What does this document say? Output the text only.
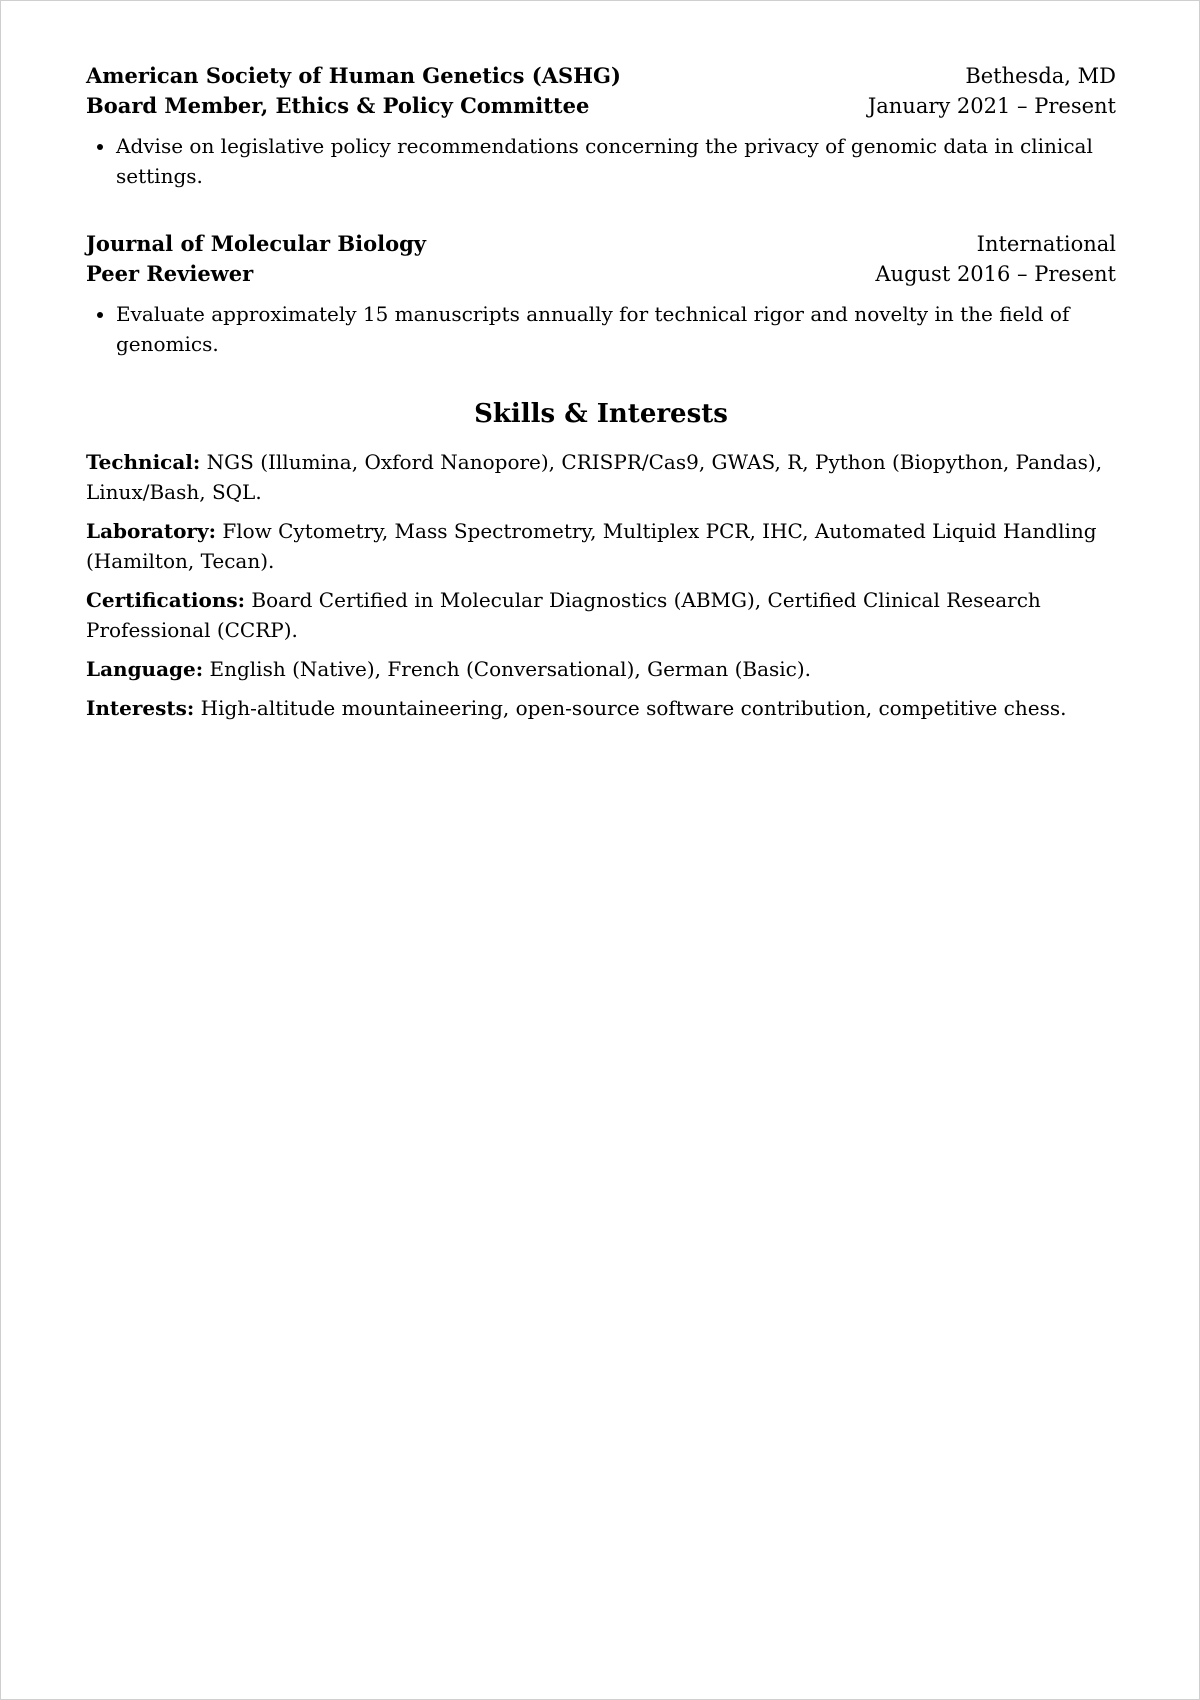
American Society of Human Genetics (ASHG)	Bethesda, MD
Board Member, Ethics & Policy Committee	January 2021 – Present
• Advise on legislative policy recommendations concerning the privacy of genomic data in clinical settings.
Journal of Molecular Biology	International
Peer Reviewer	August 2016 – Present
• Evaluate approximately 15 manuscripts annually for technical rigor and novelty in the field of genomics.
Skills & Interests
Technical: NGS (Illumina, Oxford Nanopore), CRISPR/Cas9, GWAS, R, Python (Biopython, Pandas), Linux/Bash, SQL.
Laboratory: Flow Cytometry, Mass Spectrometry, Multiplex PCR, IHC, Automated Liquid Handling (Hamilton, Tecan).
Certifications: Board Certified in Molecular Diagnostics (ABMG), Certified Clinical Research Professional (CCRP).
Language: English (Native), French (Conversational), German (Basic).
Interests: High-altitude mountaineering, open-source software contribution, competitive chess.
